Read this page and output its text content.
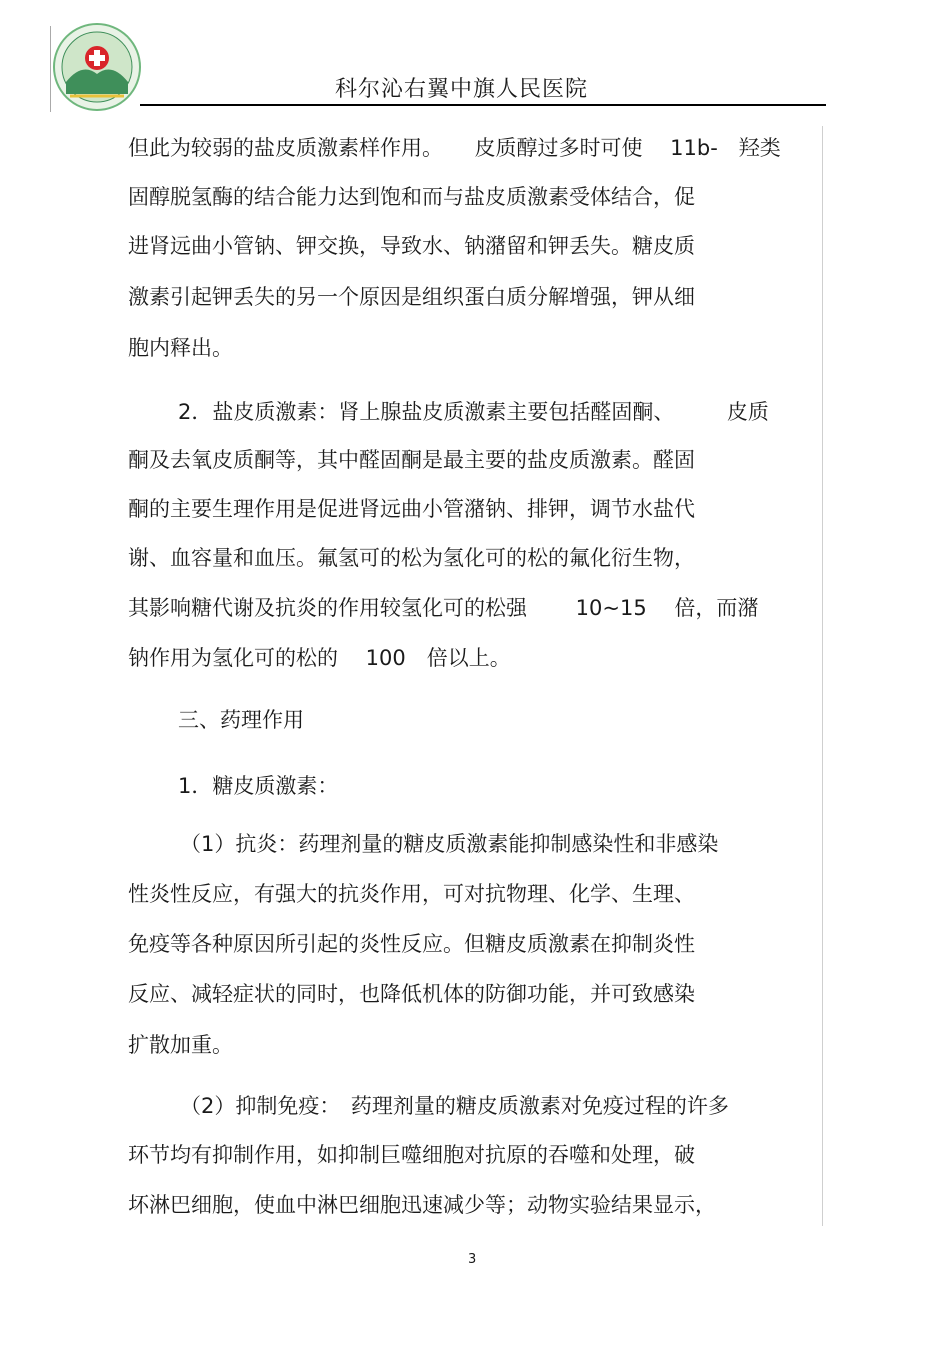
科尔沁右翼中旗人民医院
但此为较弱的盐皮质激素样作用。　　皮质醇过多时可使　 11b-　羟类
固醇脱氢酶的结合能力达到饱和而与盐皮质激素受体结合，促
进肾远曲小管钠、钾交换，导致水、钠潴留和钾丢失。糖皮质
激素引起钾丢失的另一个原因是组织蛋白质分解增强，钾从细
胞内释出。
2．盐皮质激素：肾上腺盐皮质激素主要包括醛固酮、　　　皮质
酮及去氧皮质酮等，其中醛固酮是最主要的盐皮质激素。醛固
酮的主要生理作用是促进肾远曲小管潴钠、排钾，调节水盐代
谢、血容量和血压。氟氢可的松为氢化可的松的氟化衍生物，
其影响糖代谢及抗炎的作用较氢化可的松强　　 10~15　 倍，而潴
钠作用为氢化可的松的　 100　倍以上。
三、药理作用
1．糖皮质激素：
（1）抗炎：药理剂量的糖皮质激素能抑制感染性和非感染
性炎性反应，有强大的抗炎作用，可对抗物理、化学、生理、
免疫等各种原因所引起的炎性反应。但糖皮质激素在抑制炎性
反应、减轻症状的同时，也降低机体的防御功能，并可致感染
扩散加重。
（2）抑制免疫：　药理剂量的糖皮质激素对免疫过程的许多
环节均有抑制作用，如抑制巨噬细胞对抗原的吞噬和处理，破
坏淋巴细胞，使血中淋巴细胞迅速减少等；动物实验结果显示，
3
